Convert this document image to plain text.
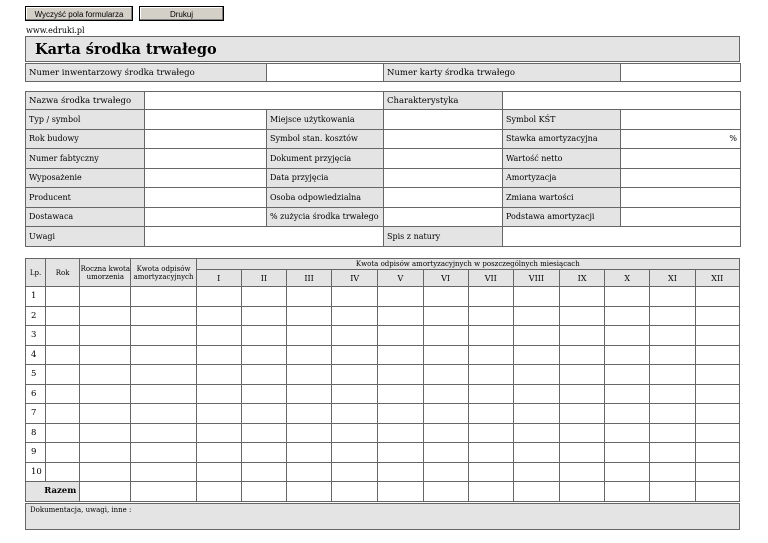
Wyczyść pola formularza	Drukuj
www.edruki.pl
Karta środka trwałego
Numer inwentarzowy środka trwałego		Numer karty środka trwałego	
Nazwa środka trwałego			Charakterystyka		
Typ / symbol		Miejsce użytkowania		Symbol KŚT	
Rok budowy		Symbol stan. kosztów		Stawka amortyzacyjna	%
Numer fabtyczny		Dokument przyjęcia		Wartość netto	
Wyposażenie		Data przyjęcia		Amortyzacja	
Producent		Osoba odpowiedzialna		Zmiana wartości	
Dostawaca		% zużycia środka trwałego		Podstawa amortyzacji	
Uwagi			Spis z natury		
Lp.	Rok	Roczna kwota umorzenia	Kwota odpisów amortyzacyjnych	Kwota odpisów amortyzacyjnych w poszczególnych miesiącach											
				I	II	III	IV	V	VI	VII	VIII	IX	X	XI	XII
1															
2															
3															
4															
5															
6															
7															
8															
9															
10															
Razem															
Dokumentacja, uwagi, inne :
